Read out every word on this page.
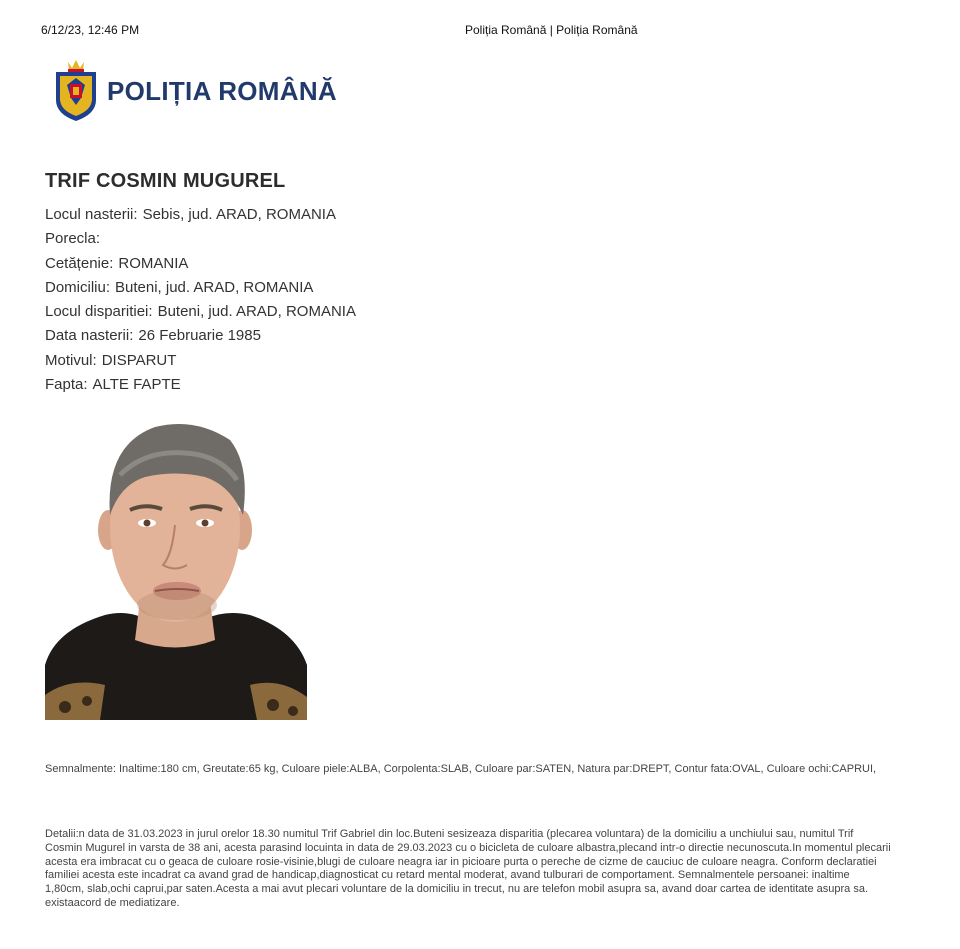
6/12/23, 12:46 PM	Poliția Română | Poliția Română
POLIȚIA ROMÂNĂ
TRIF COSMIN MUGUREL
Locul nasterii: Sebis, jud. ARAD, ROMANIA
Porecla:
Cetățenie: ROMANIA
Domiciliu: Buteni, jud. ARAD, ROMANIA
Locul disparitiei: Buteni, jud. ARAD, ROMANIA
Data nasterii: 26 Februarie 1985
Motivul: DISPARUT
Fapta: ALTE FAPTE
Semnalmente: Inaltime:180 cm, Greutate:65 kg, Culoare piele:ALBA, Corpolenta:SLAB, Culoare par:SATEN, Natura par:DREPT, Contur fata:OVAL, Culoare ochi:CAPRUI,
Detalii:n data de 31.03.2023 in jurul orelor 18.30 numitul Trif Gabriel din loc.Buteni sesizeaza disparitia (plecarea voluntara) de la domiciliu a unchiului sau, numitul Trif
Cosmin Mugurel in varsta de 38 ani, acesta parasind locuinta in data de 29.03.2023 cu o bicicleta de culoare albastra,plecand intr-o directie necunoscuta.In momentul plecarii
acesta era imbracat cu o geaca de culoare rosie-visinie,blugi de culoare neagra iar in picioare purta o pereche de cizme de cauciuc de culoare neagra. Conform declaratiei
familiei acesta este incadrat ca avand grad de handicap,diagnosticat cu retard mental moderat, avand tulburari de comportament. Semnalmentele persoanei: inaltime
1,80cm, slab,ochi caprui,par saten.Acesta a mai avut plecari voluntare de la domiciliu in trecut, nu are telefon mobil asupra sa, avand doar cartea de identitate asupra sa.
existaacord de mediatizare.
